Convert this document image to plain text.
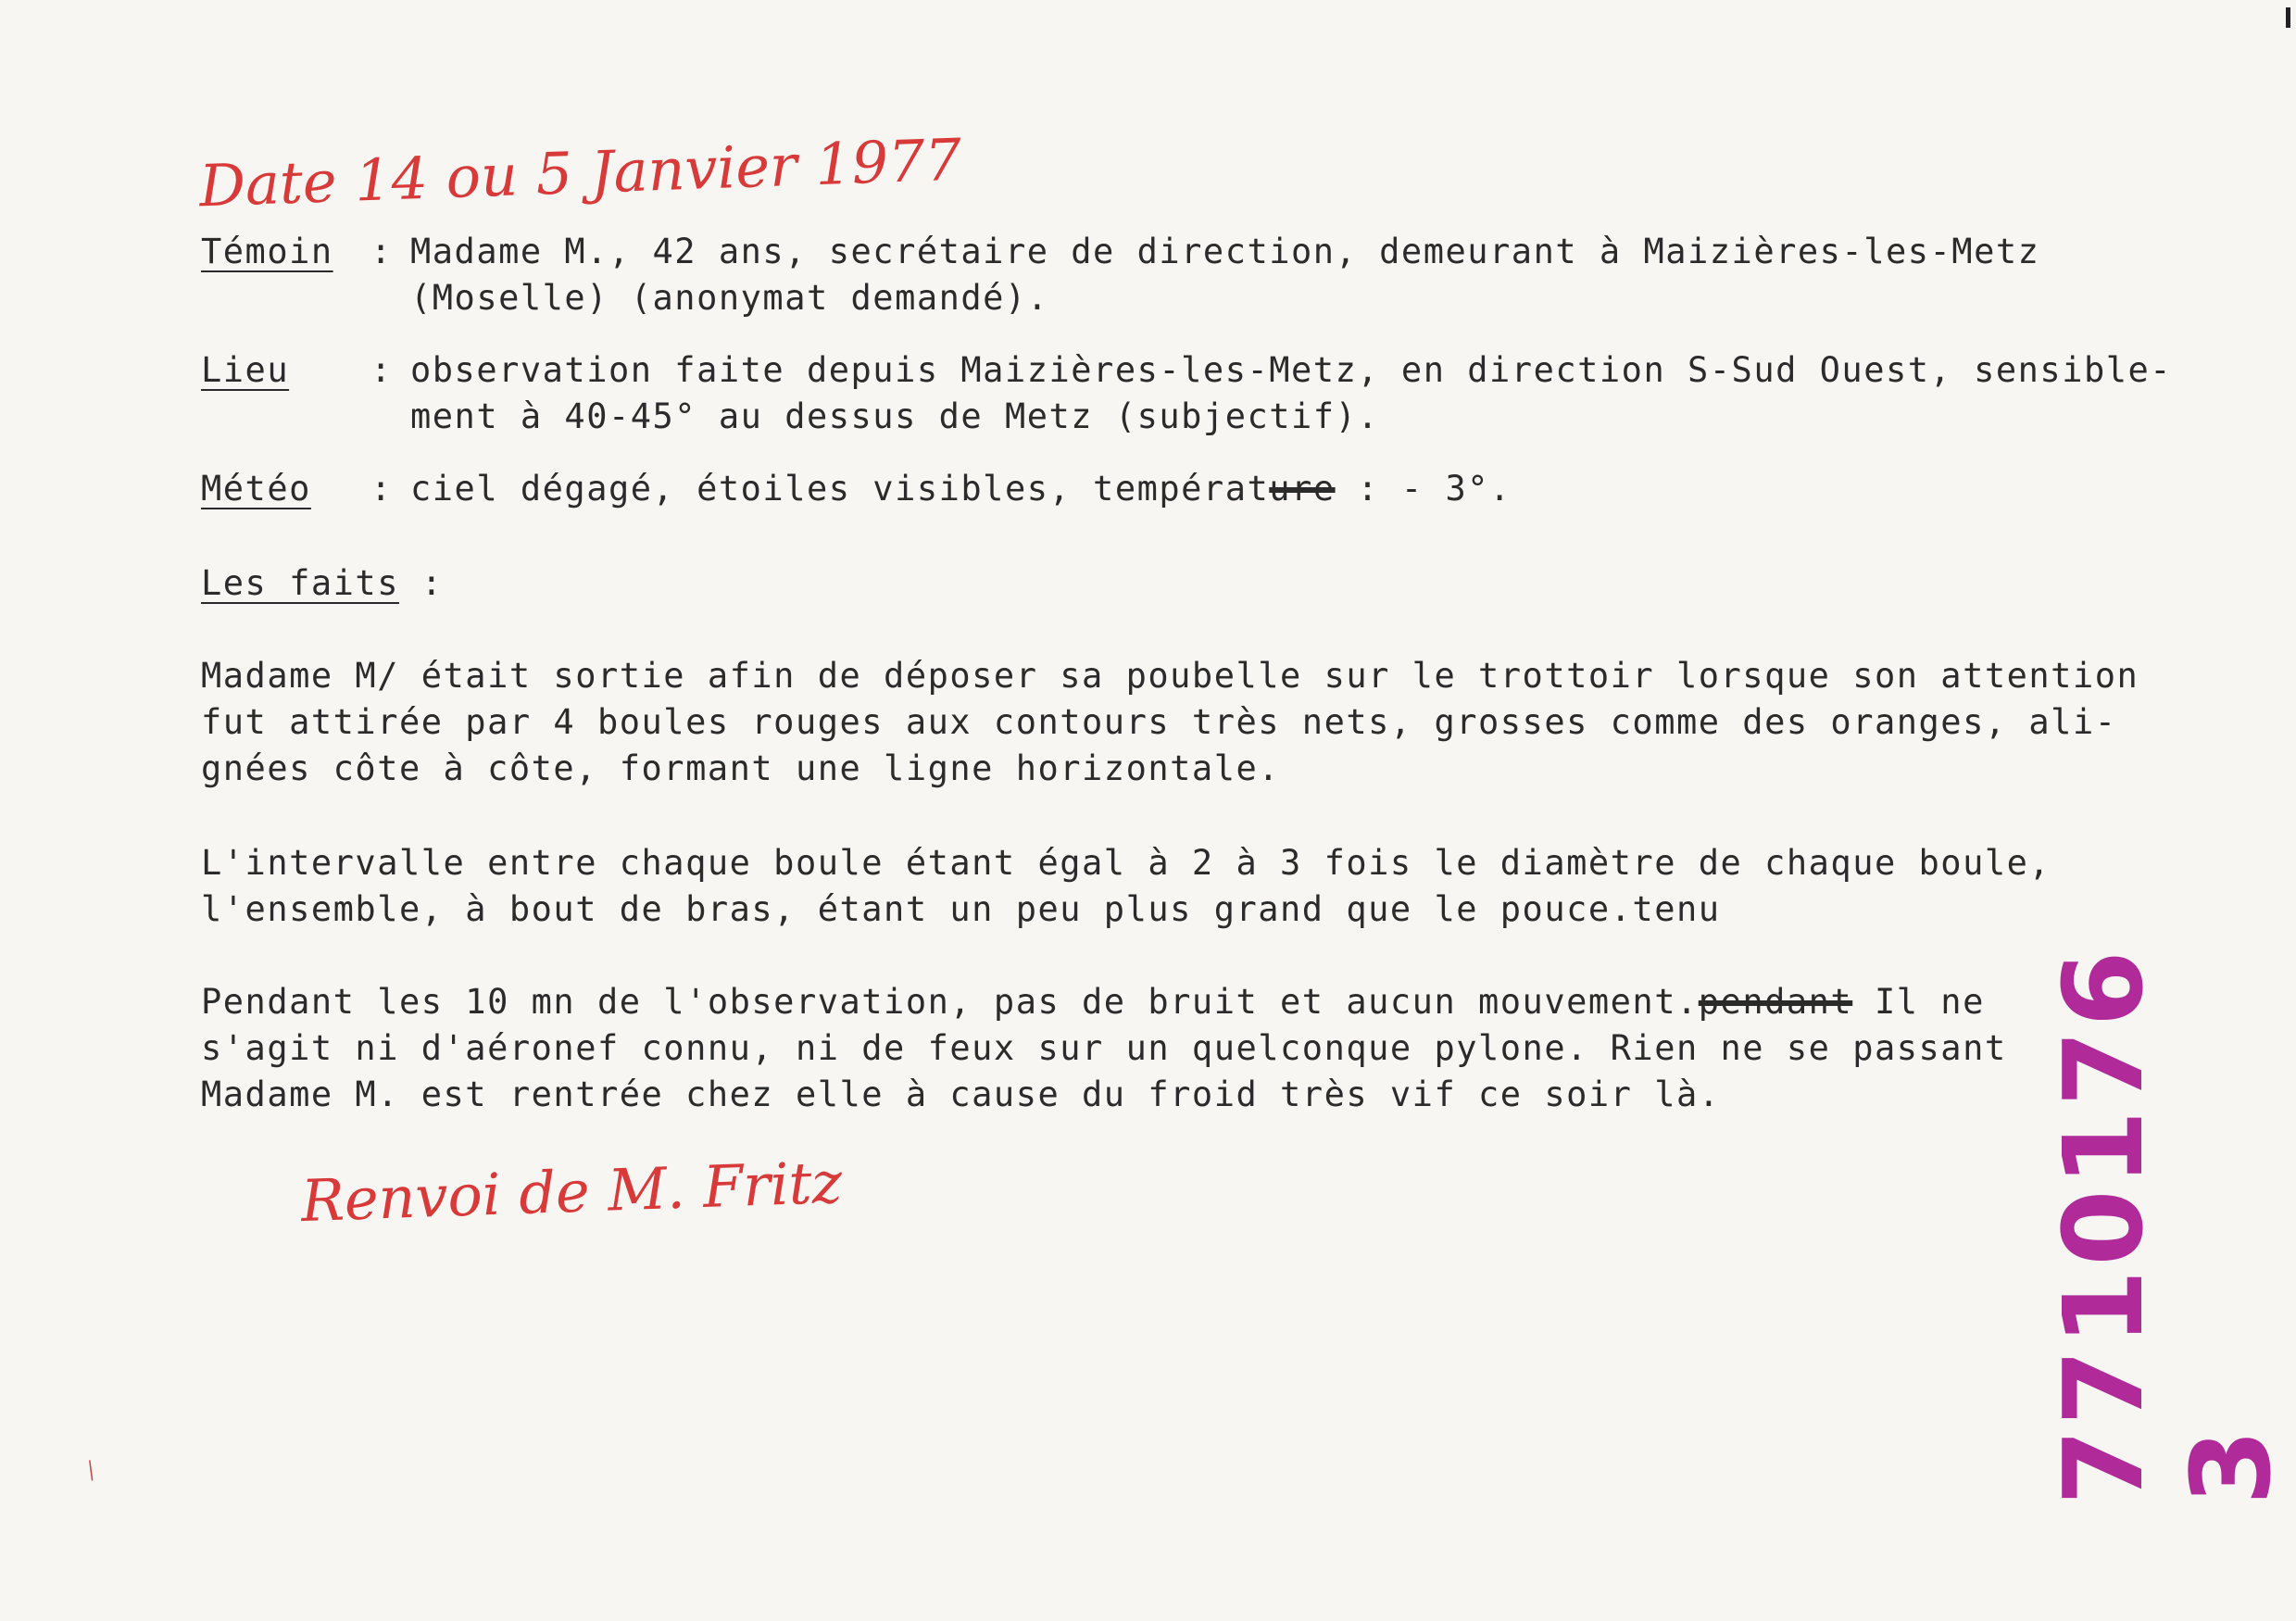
Date 14 ou 5 Janvier 1977
Témoin : Madame M., 42 ans, secrétaire de direction, demeurant à Maizières-les-Metz
(Moselle) (anonymat demandé).
Lieu : observation faite depuis Maizières-les-Metz, en direction S-Sud Ouest, sensible-
ment à 40-45° au dessus de Metz (subjectif).
Météo : ciel dégagé, étoiles visibles, température : - 3°.
Les faits :
Madame M/ était sortie afin de déposer sa poubelle sur le trottoir lorsque son attention
fut attirée par 4 boules rouges aux contours très nets, grosses comme des oranges, ali-
gnées côte à côte, formant une ligne horizontale.
L'intervalle entre chaque boule étant égal à 2 à 3 fois le diamètre de chaque boule,
l'ensemble, à bout de bras, étant un peu plus grand que le pouce.tenu
Pendant les 10 mn de l'observation, pas de bruit et aucun mouvement.pendant Il ne
s'agit ni d'aéronef connu, ni de feux sur un quelconque pylone. Rien ne se passant
Madame M. est rentrée chez elle à cause du froid très vif ce soir là.
Renvoi de M. Fritz	7710176 3
⁄
